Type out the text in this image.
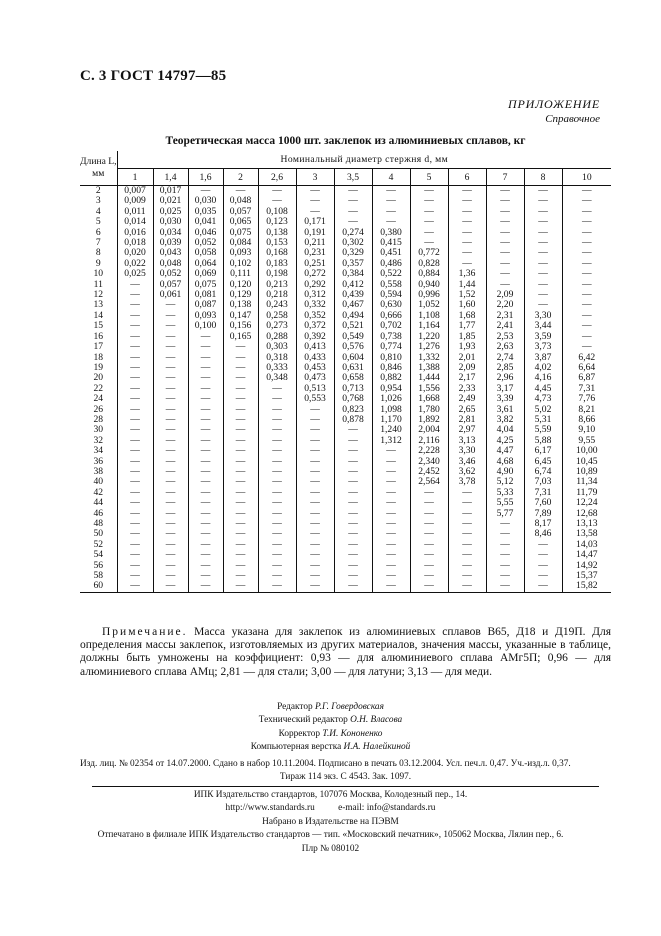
С. 3 ГОСТ 14797—85
ПРИЛОЖЕНИЕ
Справочное
Теоретическая масса 1000 шт. заклепок из алюминиевых сплавов, кг
Длина L, мм	Номинальный диаметр стержня d, мм												
	1	1,4	1,6	2	2,6	3	3,5	4	5	6	7	8	10
2	0,007	0,017	—	—	—	—	—	—	—	—	—	—	—
3	0,009	0,021	0,030	0,048	—	—	—	—	—	—	—	—	—
4	0,011	0,025	0,035	0,057	0,108	—	—	—	—	—	—	—	—
5	0,014	0,030	0,041	0,065	0,123	0,171	—	—	—	—	—	—	—
6	0,016	0,034	0,046	0,075	0,138	0,191	0,274	0,380	—	—	—	—	—
7	0,018	0,039	0,052	0,084	0,153	0,211	0,302	0,415	—	—	—	—	—
8	0,020	0,043	0,058	0,093	0,168	0,231	0,329	0,451	0,772	—	—	—	—
9	0,022	0,048	0,064	0,102	0,183	0,251	0,357	0,486	0,828	—	—	—	—
10	0,025	0,052	0,069	0,111	0,198	0,272	0,384	0,522	0,884	1,36	—	—	—
11	—	0,057	0,075	0,120	0,213	0,292	0,412	0,558	0,940	1,44	—	—	—
12	—	0,061	0,081	0,129	0,218	0,312	0,439	0,594	0,996	1,52	2,09	—	—
13	—	—	0,087	0,138	0,243	0,332	0,467	0,630	1,052	1,60	2,20	—	—
14	—	—	0,093	0,147	0,258	0,352	0,494	0,666	1,108	1,68	2,31	3,30	—
15	—	—	0,100	0,156	0,273	0,372	0,521	0,702	1,164	1,77	2,41	3,44	—
16	—	—	—	0,165	0,288	0,392	0,549	0,738	1,220	1,85	2,53	3,59	—
17	—	—	—	—	0,303	0,413	0,576	0,774	1,276	1,93	2,63	3,73	—
18	—	—	—	—	0,318	0,433	0,604	0,810	1,332	2,01	2,74	3,87	6,42
19	—	—	—	—	0,333	0,453	0,631	0,846	1,388	2,09	2,85	4,02	6,64
20	—	—	—	—	0,348	0,473	0,658	0,882	1,444	2,17	2,96	4,16	6,87
22	—	—	—	—	—	0,513	0,713	0,954	1,556	2,33	3,17	4,45	7,31
24	—	—	—	—	—	0,553	0,768	1,026	1,668	2,49	3,39	4,73	7,76
26	—	—	—	—	—	—	0,823	1,098	1,780	2,65	3,61	5,02	8,21
28	—	—	—	—	—	—	0,878	1,170	1,892	2,81	3,82	5,31	8,66
30	—	—	—	—	—	—	—	1,240	2,004	2,97	4,04	5,59	9,10
32	—	—	—	—	—	—	—	1,312	2,116	3,13	4,25	5,88	9,55
34	—	—	—	—	—	—	—	—	2,228	3,30	4,47	6,17	10,00
36	—	—	—	—	—	—	—	—	2,340	3,46	4,68	6,45	10,45
38	—	—	—	—	—	—	—	—	2,452	3,62	4,90	6,74	10,89
40	—	—	—	—	—	—	—	—	2,564	3,78	5,12	7,03	11,34
42	—	—	—	—	—	—	—	—	—	—	5,33	7,31	11,79
44	—	—	—	—	—	—	—	—	—	—	5,55	7,60	12,24
46	—	—	—	—	—	—	—	—	—	—	5,77	7,89	12,68
48	—	—	—	—	—	—	—	—	—	—	—	8,17	13,13
50	—	—	—	—	—	—	—	—	—	—	—	8,46	13,58
52	—	—	—	—	—	—	—	—	—	—	—	—	14,03
54	—	—	—	—	—	—	—	—	—	—	—	—	14,47
56	—	—	—	—	—	—	—	—	—	—	—	—	14,92
58	—	—	—	—	—	—	—	—	—	—	—	—	15,37
60	—	—	—	—	—	—	—	—	—	—	—	—	15,82
Примечание. Масса указана для заклепок из алюминиевых сплавов В65, Д18 и Д19П. Для определения массы заклепок, изготовляемых из других материалов, значения массы, указанные в таблице, должны быть умножены на коэффициент: 0,93 — для алюминиевого сплава АМг5П; 0,96 — для алюминиевого сплава АМц; 2,81 — для стали; 3,00 — для латуни; 3,13 — для меди.
Редактор Р.Г. Говердовская
Технический редактор О.Н. Власова
Корректор Т.И. Кононенко
Компьютерная верстка И.А. Налейкиной
Изд. лиц. № 02354 от 14.07.2000. Сдано в набор 10.11.2004. Подписано в печать 03.12.2004. Усл. печ.л. 0,47. Уч.-изд.л. 0,37.
Тираж 114 экз. С 4543. Зак. 1097.
ИПК Издательство стандартов, 107076 Москва, Колодезный пер., 14.
http://www.standards.ru	e-mail: info@standards.ru
Набрано в Издательстве на ПЭВМ
Отпечатано в филиале ИПК Издательство стандартов — тип. «Московский печатник», 105062 Москва, Лялин пер., 6.
Плр № 080102
